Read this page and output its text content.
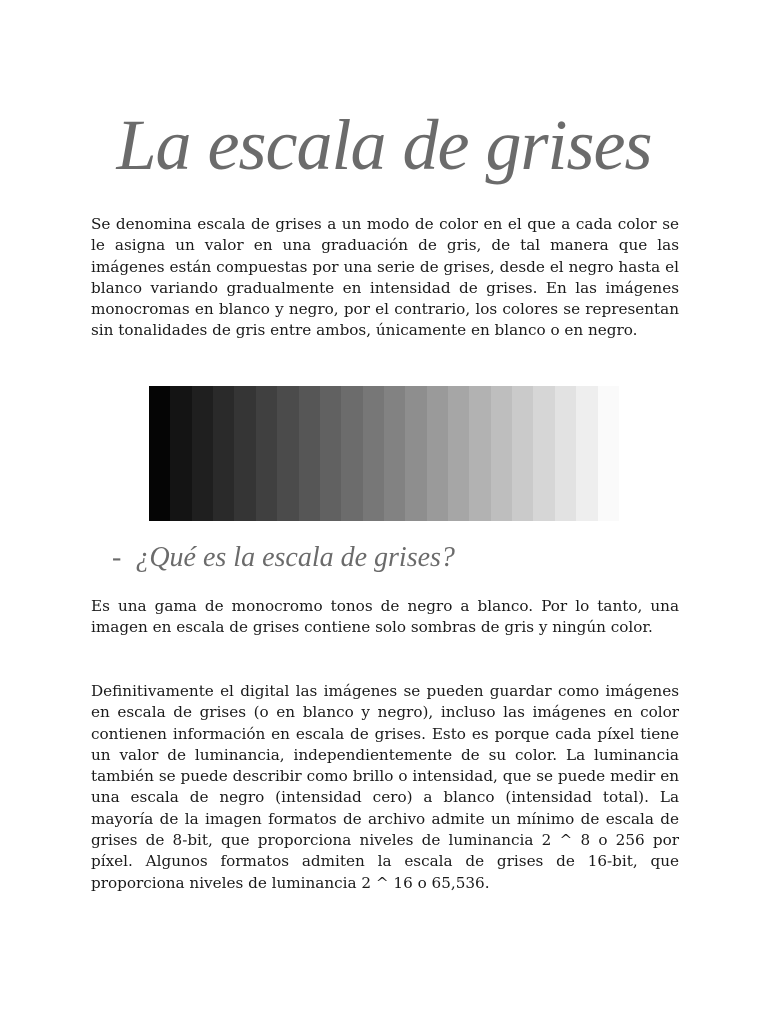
La escala de grises

Se denomina escala de grises a un modo de color en el que a cada color se le asigna un valor en una graduación de gris, de tal manera que las imágenes están compuestas por una serie de grises, desde el negro hasta el blanco variando gradualmente en intensidad de grises. En las imágenes monocromas en blanco y negro, por el contrario, los colores se representan sin tonalidades de gris entre ambos, únicamente en blanco o en negro.

- ¿Qué es la escala de grises?

Es una gama de monocromo tonos de negro a blanco. Por lo tanto, una imagen en escala de grises contiene solo sombras de gris y ningún color.

Definitivamente el digital las imágenes se pueden guardar como imágenes en escala de grises (o en blanco y negro), incluso las imágenes en color contienen información en escala de grises. Esto es porque cada píxel tiene un valor de luminancia, independientemente de su color. La luminancia también se puede describir como brillo o intensidad, que se puede medir en una escala de negro (intensidad cero) a blanco (intensidad total). La mayoría de la imagen formatos de archivo admite un mínimo de escala de grises de 8-bit, que proporciona niveles de luminancia 2 ^ 8 o 256 por píxel. Algunos formatos admiten la escala de grises de 16-bit, que proporciona niveles de luminancia 2 ^ 16 o 65,536.
